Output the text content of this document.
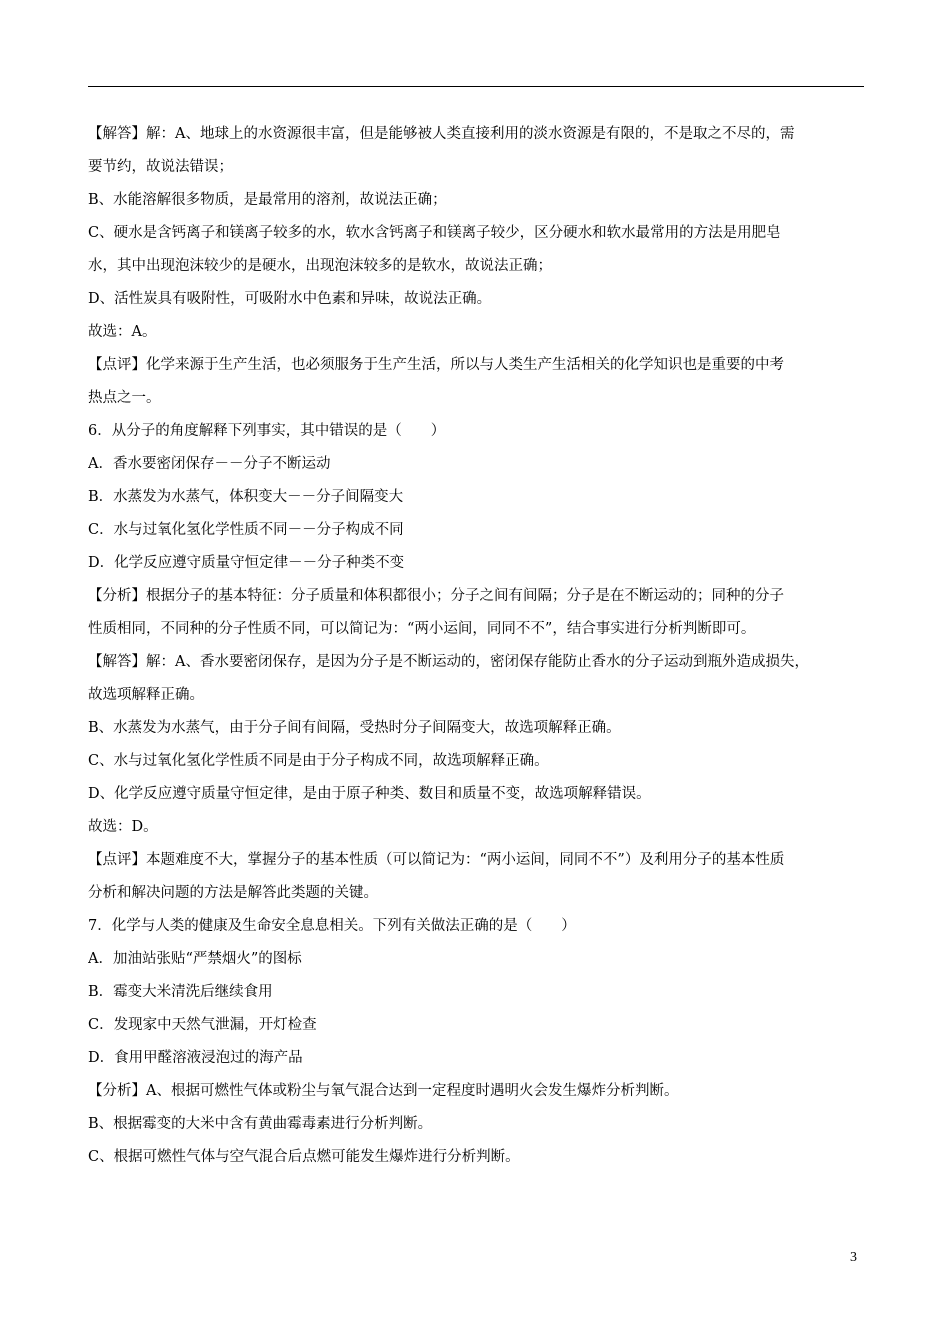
【解答】解：A、地球上的水资源很丰富，但是能够被人类直接利用的淡水资源是有限的，不是取之不尽的，需
要节约，故说法错误；
B、水能溶解很多物质，是最常用的溶剂，故说法正确；
C、硬水是含钙离子和镁离子较多的水，软水含钙离子和镁离子较少，区分硬水和软水最常用的方法是用肥皂
水，其中出现泡沫较少的是硬水，出现泡沫较多的是软水，故说法正确；
D、活性炭具有吸附性，可吸附水中色素和异味，故说法正确。
故选：A。
【点评】化学来源于生产生活，也必须服务于生产生活，所以与人类生产生活相关的化学知识也是重要的中考
热点之一。
6．从分子的角度解释下列事实，其中错误的是（　　）
A．香水要密闭保存－－分子不断运动
B．水蒸发为水蒸气，体积变大－－分子间隔变大
C．水与过氧化氢化学性质不同－－分子构成不同
D．化学反应遵守质量守恒定律－－分子种类不变
【分析】根据分子的基本特征：分子质量和体积都很小；分子之间有间隔；分子是在不断运动的；同种的分子
性质相同，不同种的分子性质不同，可以简记为：“两小运间，同同不不”，结合事实进行分析判断即可。
【解答】解：A、香水要密闭保存，是因为分子是不断运动的，密闭保存能防止香水的分子运动到瓶外造成损失，
故选项解释正确。
B、水蒸发为水蒸气，由于分子间有间隔，受热时分子间隔变大，故选项解释正确。
C、水与过氧化氢化学性质不同是由于分子构成不同，故选项解释正确。
D、化学反应遵守质量守恒定律，是由于原子种类、数目和质量不变，故选项解释错误。
故选：D。
【点评】本题难度不大，掌握分子的基本性质（可以简记为：“两小运间，同同不不”）及利用分子的基本性质
分析和解决问题的方法是解答此类题的关键。
7．化学与人类的健康及生命安全息息相关。下列有关做法正确的是（　　）
A．加油站张贴“严禁烟火”的图标
B．霉变大米清洗后继续食用
C．发现家中天然气泄漏，开灯检查
D．食用甲醛溶液浸泡过的海产品
【分析】A、根据可燃性气体或粉尘与氧气混合达到一定程度时遇明火会发生爆炸分析判断。
B、根据霉变的大米中含有黄曲霉毒素进行分析判断。
C、根据可燃性气体与空气混合后点燃可能发生爆炸进行分析判断。
3
